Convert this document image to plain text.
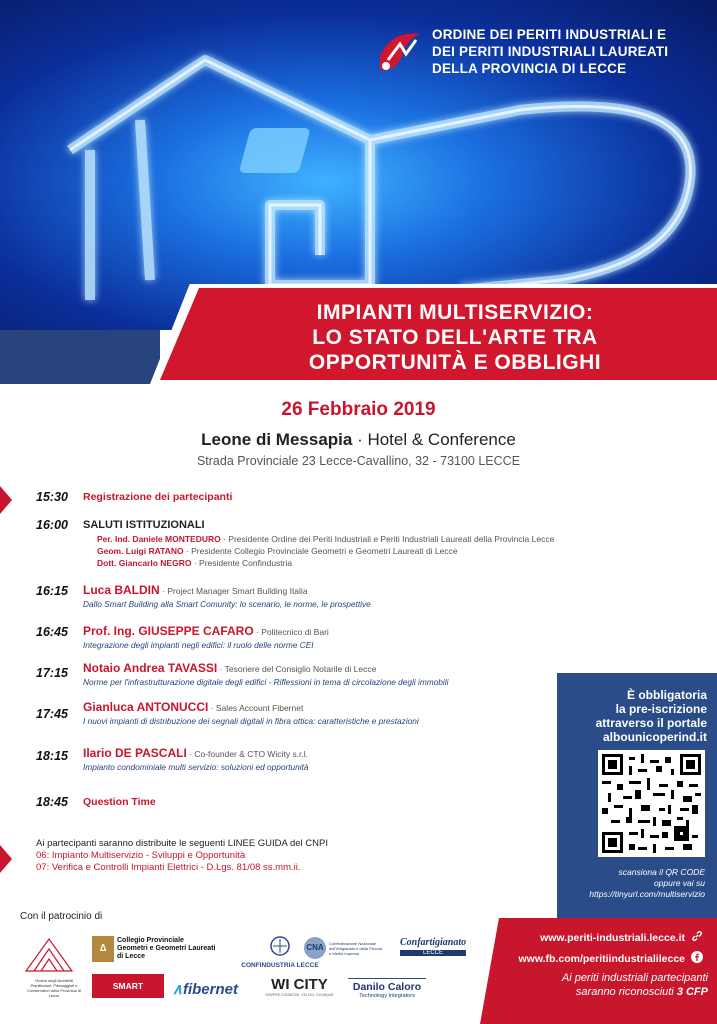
ORDINE DEI PERITI INDUSTRIALI E
DEI PERITI INDUSTRIALI LAUREATI
DELLA PROVINCIA DI LECCE
IMPIANTI MULTISERVIZIO:
LO STATO DELL'ARTE TRA
OPPORTUNITÀ E OBBLIGHI
26 Febbraio 2019
Leone di Messapia · Hotel & Conference
Strada Provinciale 23 Lecce-Cavallino, 32 - 73100 LECCE
15:30	Registrazione dei partecipanti
16:00	SALUTI ISTITUZIONALI
Per. Ind. Daniele MONTEDURO · Presidente Ordine dei Periti Industriali e Periti Industriali Laureati della Provincia Lecce
Geom. Luigi RATANO · Presidente Collegio Provinciale Geometri e Geometri Laureati di Lecce
Dott. Giancarlo NEGRO · Presidente Confindustria
16:15	Luca BALDIN · Project Manager Smart Building Italia
Dallo Smart Building alla Smart Comunity: lo scenario, le norme, le prospettive
16:45	Prof. Ing. GIUSEPPE CAFARO · Politecnico di Bari
Integrazione degli impianti negli edifici: il ruolo delle norme CEI
17:15	Notaio Andrea TAVASSI · Tesoriere del Consiglio Notarile di Lecce
Norme per l'infrastrutturazione digitale degli edifici - Riflessioni in tema di circolazione degli immobili
17:45	Gianluca ANTONUCCI · Sales Account Fibernet
I nuovi impianti di distribuzione dei segnali digitali in fibra ottica: caratteristiche e prestazioni
18:15	Ilario DE PASCALI · Co-founder & CTO Wicity s.r.l.
Impianto condominiale multi servizio: soluzioni ed opportunità
18:45	Question Time
Ai partecipanti saranno distribuite le seguenti LINEE GUIDA del CNPI
06: Impianto Multiservizio - Sviluppi e Opportunità
07: Verifica e Controlli Impianti Elettrici - D.Lgs. 81/08 ss.mm.ii.
È obbligatoria
la pre-iscrizione
attraverso il portale
albounicoperind.it
scansiona il QR CODE
oppure vai su
https://tinyurl.com/multiservizio
www.periti-industriali.lecce.it
www.fb.com/peritiindustrialilecce
Ai periti industriali partecipanti
saranno riconosciuti 3 CFP
Con il patrocinio di
Ordine degli Architetti Pianificatori, Paesaggisti e Conservatori della Provincia di Lecce
∆
Collegio Provinciale
Geometri e Geometri Laureati
di Lecce
SMART BUILDING
CONFINDUSTRIA LECCE
CNA	Confederazione Nazionale dell'Artigianato e della Piccola e Media Impresa
Confartigianato
LECCE
∧fibernet	WI CITY
SEMPRE CONNESSI, VELOCI, OVUNQUE
Danilo Caloro
Technology Integrators
